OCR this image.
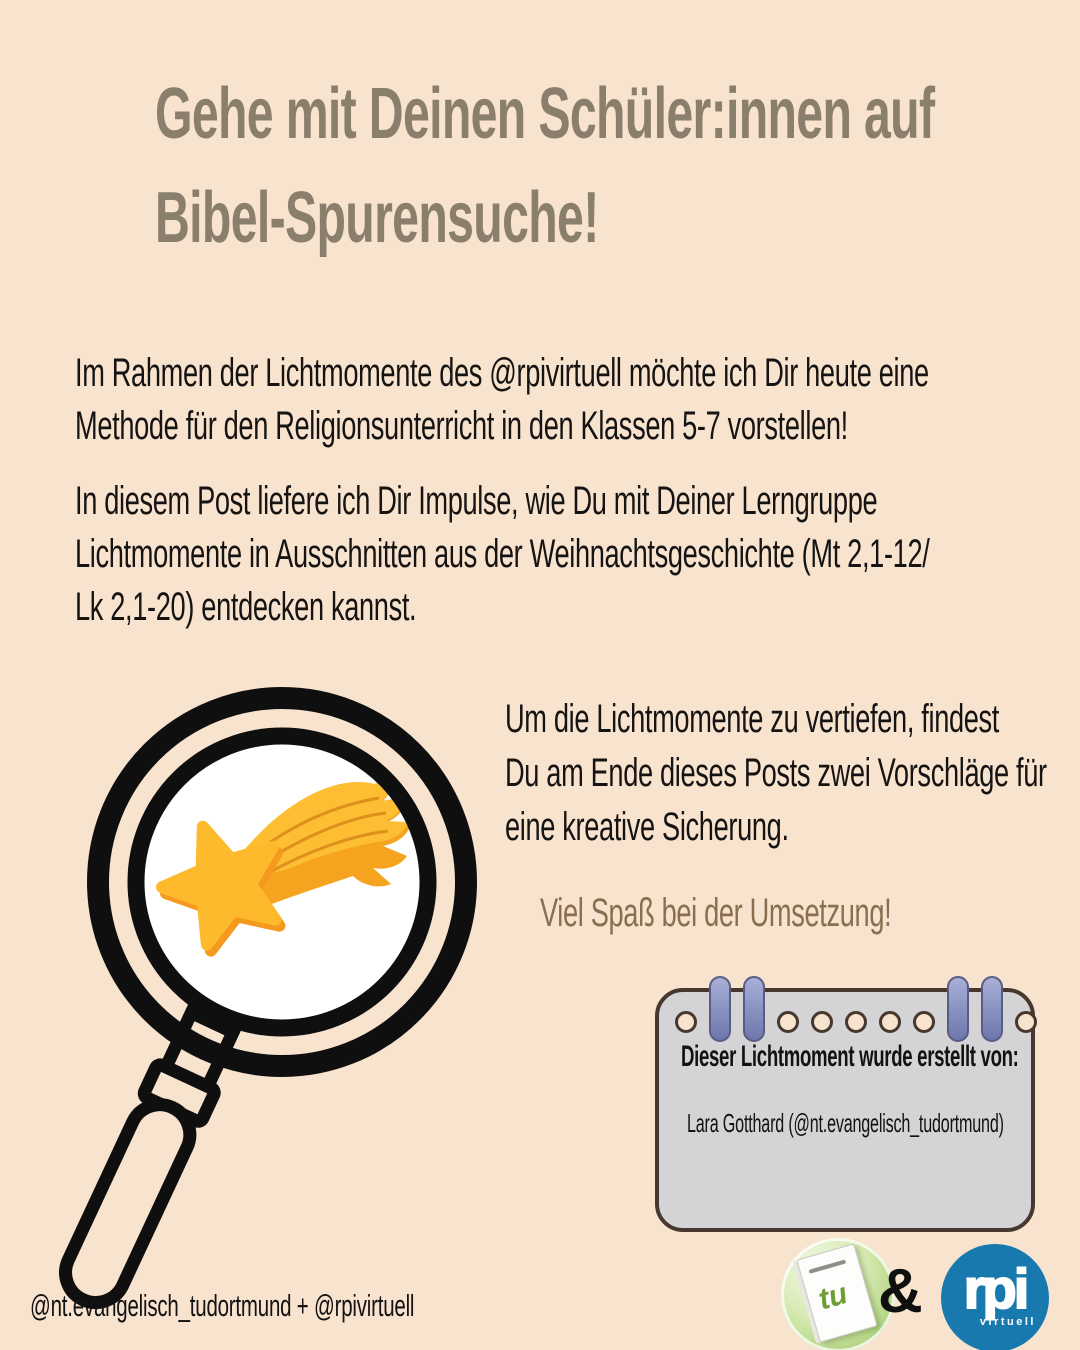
Gehe mit Deinen Schüler:innen auf
Bibel-Spurensuche!
Im Rahmen der Lichtmomente des @rpivirtuell möchte ich Dir heute eine
Methode für den Religionsunterricht in den Klassen 5-7 vorstellen!
In diesem Post liefere ich Dir Impulse, wie Du mit Deiner Lerngruppe
Lichtmomente in Ausschnitten aus der Weihnachtsgeschichte (Mt 2,1-12/
Lk 2,1-20) entdecken kannst.
Um die Lichtmomente zu vertiefen, findest
Du am Ende dieses Posts zwei Vorschläge für
eine kreative Sicherung.
Viel Spaß bei der Umsetzung!
Dieser Lichtmoment wurde erstellt von:
Lara Gotthard (@nt.evangelisch_tudortmund)
tu & rpi
virtuell
@nt.evangelisch_tudortmund + @rpivirtuell
